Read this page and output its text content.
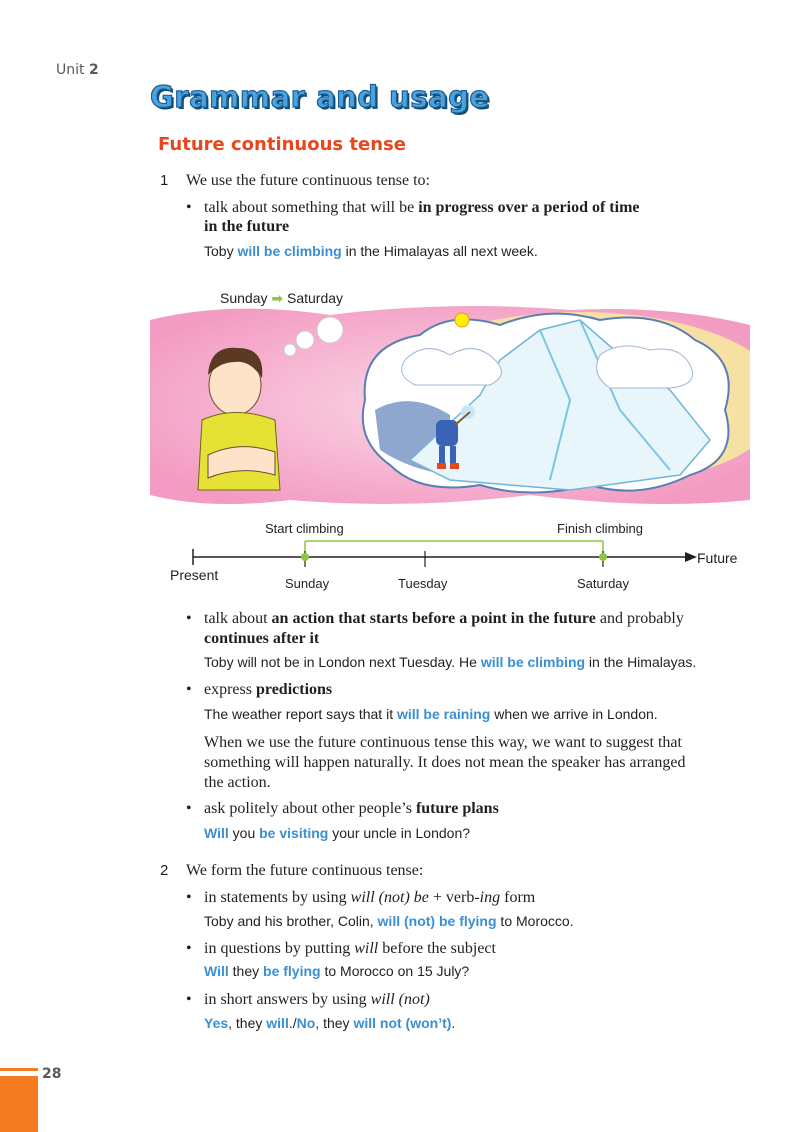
Unit 2
Grammar and usage
Future continuous tense
1 We use the future continuous tense to:
• talk about something that will be in progress over a period of time
in the future
Toby will be climbing in the Himalayas all next week.
Sunday ➡ Saturday
Start climbing	Finish climbing
Future
Present
Sunday	Tuesday	Saturday
• talk about an action that starts before a point in the future and probably
continues after it
Toby will not be in London next Tuesday. He will be climbing in the Himalayas.
• express predictions
The weather report says that it will be raining when we arrive in London.
When we use the future continuous tense this way, we want to suggest that
something will happen naturally. It does not mean the speaker has arranged
the action.
• ask politely about other people’s future plans
Will you be visiting your uncle in London?
2 We form the future continuous tense:
• in statements by using will (not) be + verb-ing form
Toby and his brother, Colin, will (not) be flying to Morocco.
• in questions by putting will before the subject
Will they be flying to Morocco on 15 July?
• in short answers by using will (not)
Yes, they will./No, they will not (won’t).
28
